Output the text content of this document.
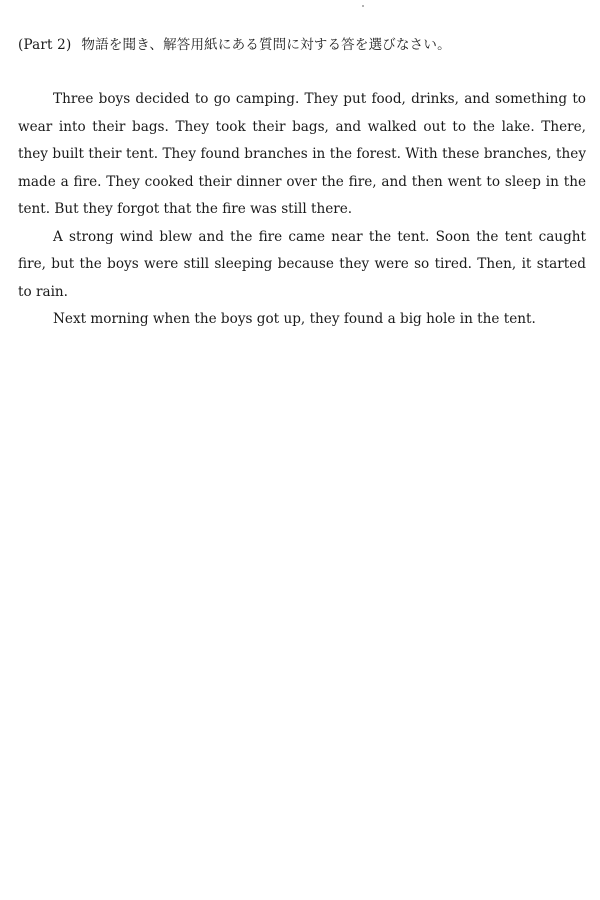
(Part 2) 物語を聞き、解答用紙にある質問に対する答を選びなさい。

Three boys decided to go camping. They put food, drinks, and something to wear into their bags. They took their bags, and walked out to the lake. There, they built their tent. They found branches in the forest. With these branches, they made a fire. They cooked their dinner over the fire, and then went to sleep in the tent. But they forgot that the fire was still there.

A strong wind blew and the fire came near the tent. Soon the tent caught fire, but the boys were still sleeping because they were so tired. Then, it started to rain.

Next morning when the boys got up, they found a big hole in the tent.
